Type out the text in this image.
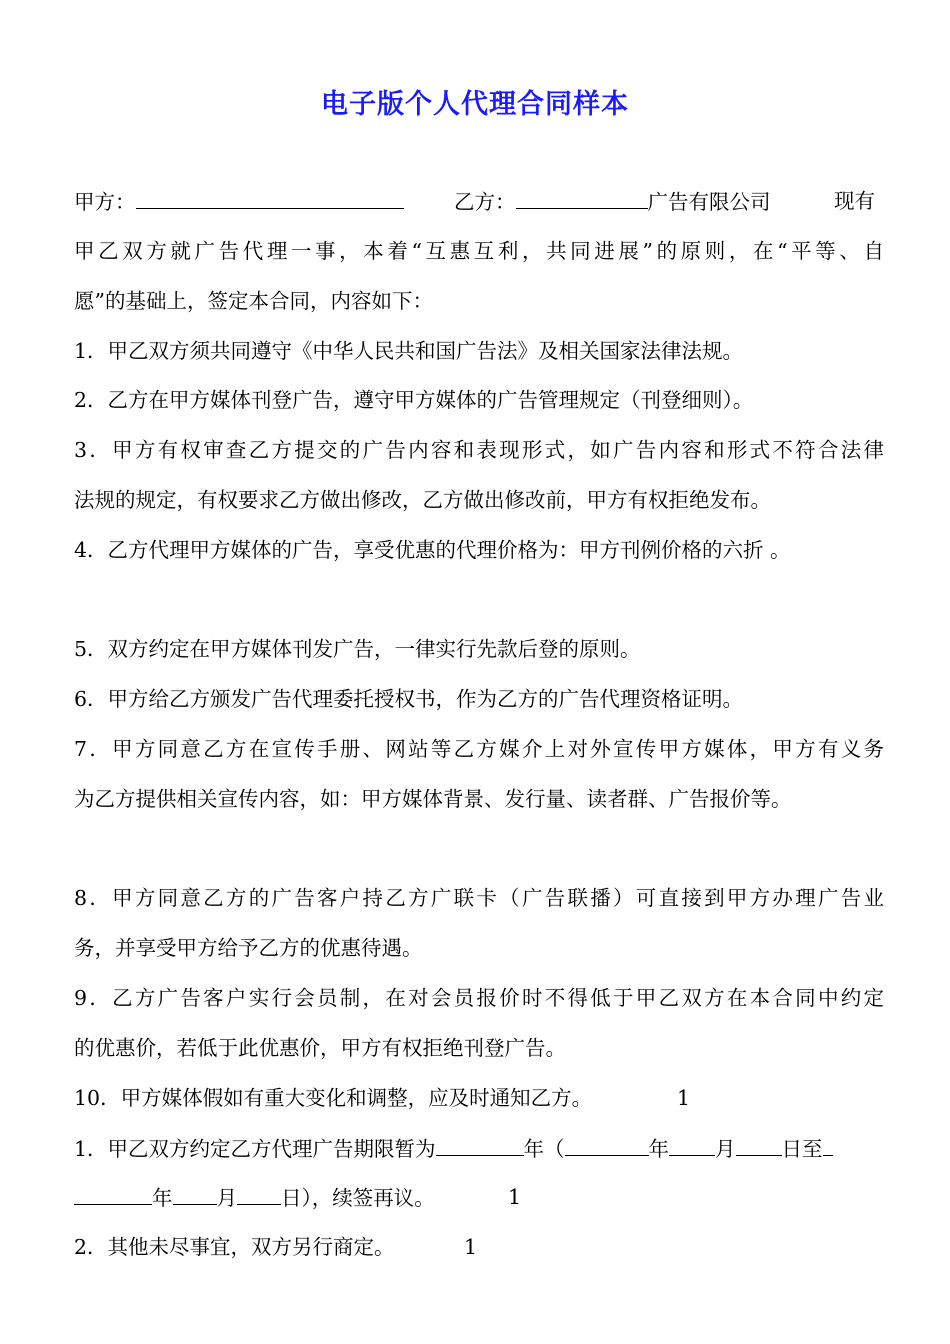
电子版个人代理合同样本
甲方：	乙方：	广告有限公司	现有
甲乙双方就广告代理一事，本着“互惠互利，共同进展”的原则，在“平等、自
愿”的基础上，签定本合同，内容如下：
1．甲乙双方须共同遵守《中华人民共和国广告法》及相关国家法律法规。
2．乙方在甲方媒体刊登广告，遵守甲方媒体的广告管理规定（刊登细则）。
3．甲方有权审查乙方提交的广告内容和表现形式，如广告内容和形式不符合法律
法规的规定，有权要求乙方做出修改，乙方做出修改前，甲方有权拒绝发布。
4．乙方代理甲方媒体的广告，享受优惠的代理价格为：甲方刊例价格的六折 。
5．双方约定在甲方媒体刊发广告，一律实行先款后登的原则。
6．甲方给乙方颁发广告代理委托授权书，作为乙方的广告代理资格证明。
7．甲方同意乙方在宣传手册、网站等乙方媒介上对外宣传甲方媒体，甲方有义务
为乙方提供相关宣传内容，如：甲方媒体背景、发行量、读者群、广告报价等。
8．甲方同意乙方的广告客户持乙方广联卡（广告联播）可直接到甲方办理广告业
务，并享受甲方给予乙方的优惠待遇。
9．乙方广告客户实行会员制，在对会员报价时不得低于甲乙双方在本合同中约定
的优惠价，若低于此优惠价，甲方有权拒绝刊登广告。
10．甲方媒体假如有重大变化和调整，应及时通知乙方。	1
1．甲乙双方约定乙方代理广告期限暂为	年（	年 月 日至
年 月 日），续签再议。	1
2．其他未尽事宜，双方另行商定。	1
